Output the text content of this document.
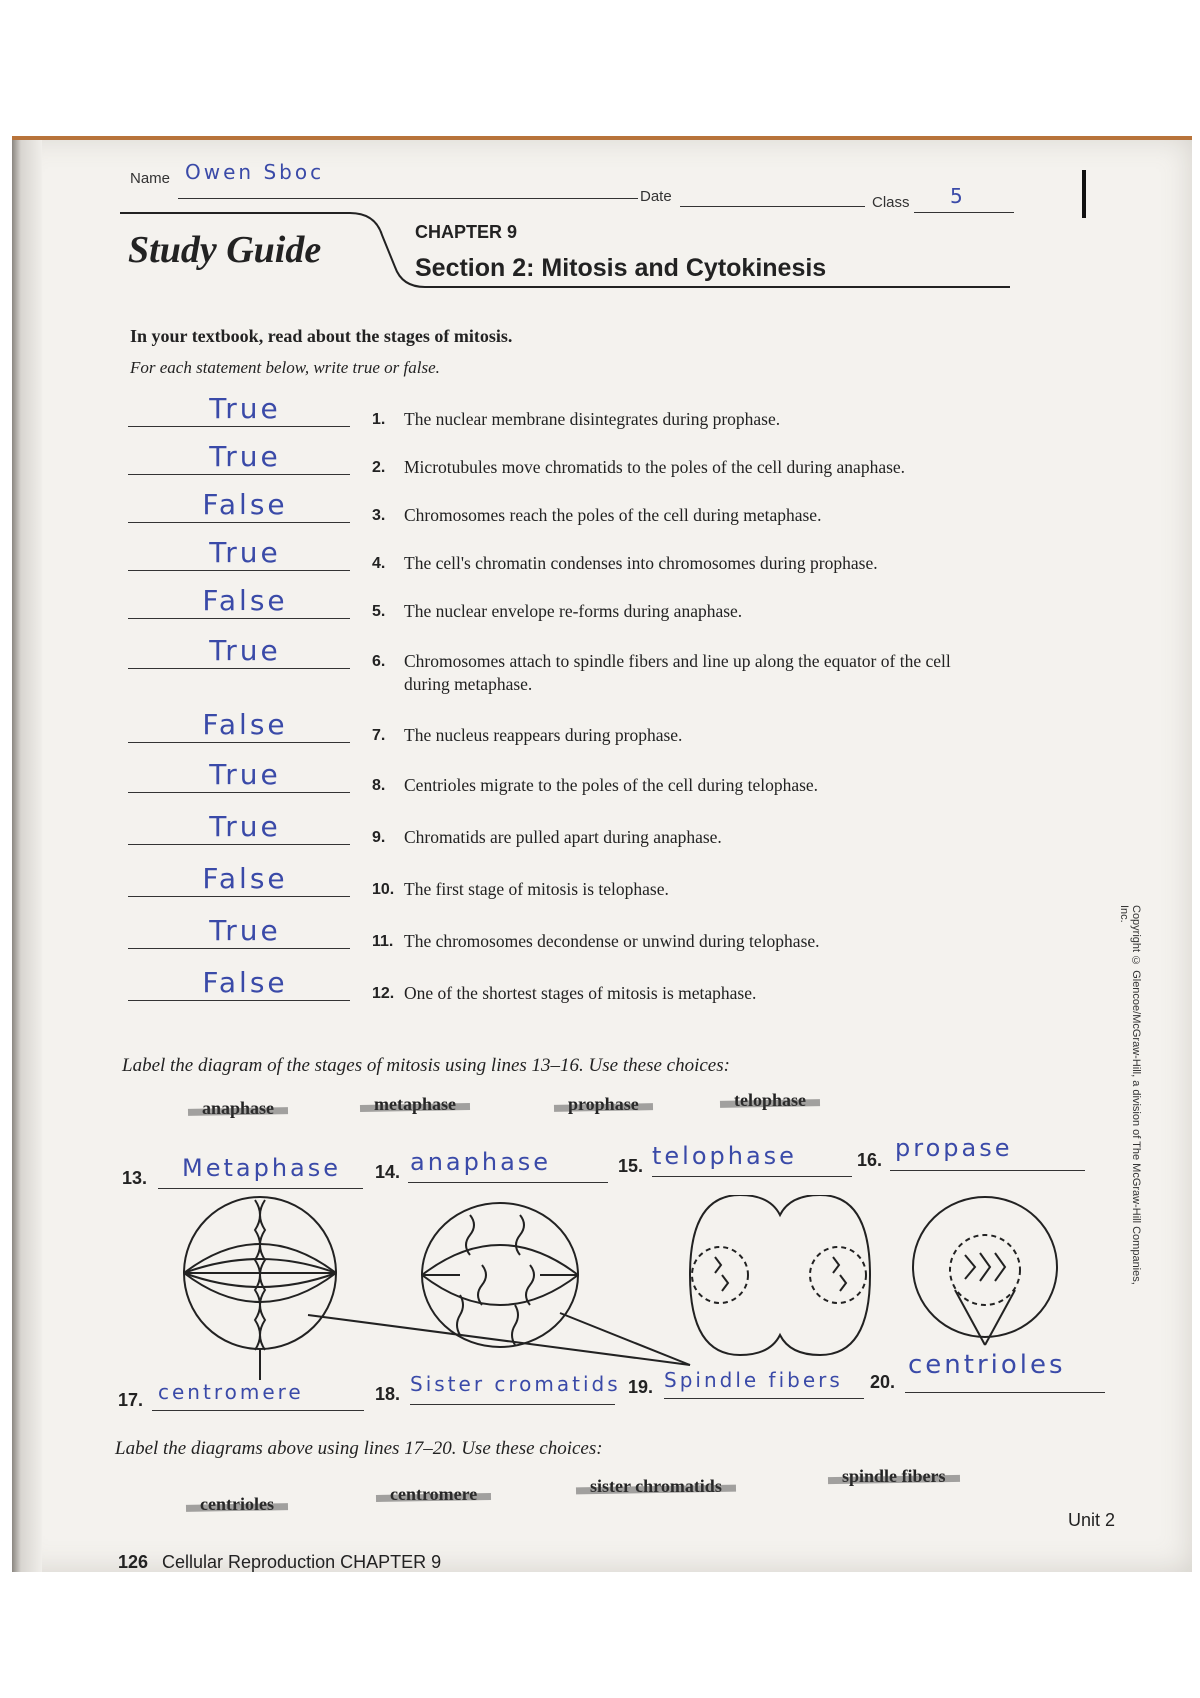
Name Owen Sboc
Date	Class 5
Study Guide	CHAPTER 9
Section 2: Mitosis and Cytokinesis
In your textbook, read about the stages of mitosis.
For each statement below, write true or false.
True	1. The nuclear membrane disintegrates during prophase.
True	2. Microtubules move chromatids to the poles of the cell during anaphase.
False	3. Chromosomes reach the poles of the cell during metaphase.
True	4. The cell's chromatin condenses into chromosomes during prophase.
False	5. The nuclear envelope re-forms during anaphase.
True	6. Chromosomes attach to spindle fibers and line up along the equator of the cell during metaphase.
False	7. The nucleus reappears during prophase.
True	8. Centrioles migrate to the poles of the cell during telophase.
True	9. Chromatids are pulled apart during anaphase.
False	10. The first stage of mitosis is telophase.
True	11. The chromosomes decondense or unwind during telophase.
False	12. One of the shortest stages of mitosis is metaphase.
Label the diagram of the stages of mitosis using lines 13–16. Use these choices:
anaphase	metaphase	prophase	telophase
13. Metaphase 14. anaphase	15. telophase	16. propase
17. centromere	18. Sister cromatids 19. Spindle fibers 20.
centrioles
Label the diagrams above using lines 17–20. Use these choices:
centrioles	centromere	sister chromatids	spindle fibers
126 Cellular Reproduction CHAPTER 9
Unit 2
Copyright © Glencoe/McGraw-Hill, a division of The McGraw-Hill Companies, Inc.
